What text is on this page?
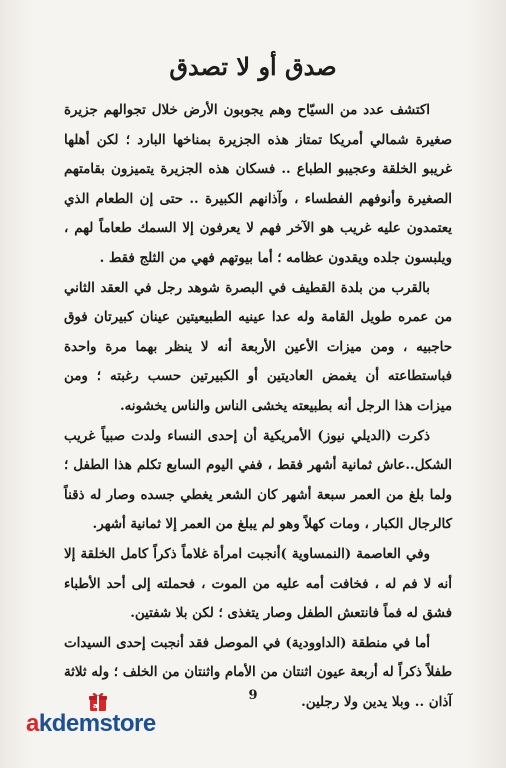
صدق أو لا تصدق

اكتشف عدد من السيّاح وهم يجوبون الأرض خلال تجوالهم جزيرة صغيرة شمالي أمريكا تمتاز هذه الجزيرة بمناخها البارد ؛ لكن أهلها غريبو الخلقة وعجيبو الطباع .. فسكان هذه الجزيرة يتميزون بقامتهم الصغيرة وأنوفهم الفطساء ، وآذانهم الكبيرة .. حتى إن الطعام الذي يعتمدون عليه غريب هو الآخر فهم لا يعرفون إلا السمك طعاماً لهم ، ويلبسون جلده ويقدون عظامه ؛ أما بيوتهم فهي من الثلج فقط .

بالقرب من بلدة القطيف في البصرة شوهد رجل في العقد الثاني من عمره طويل القامة وله عدا عينيه الطبيعيتين عينان كبيرتان فوق حاجبيه ، ومن ميزات الأعين الأربعة أنه لا ينظر بهما مرة واحدة فباستطاعته أن يغمض العاديتين أو الكبيرتين حسب رغبته ؛ ومن ميزات هذا الرجل أنه بطبيعته يخشى الناس والناس يخشونه.

ذكرت (الديلي نيوز) الأمريكية أن إحدى النساء ولدت صبياً غريب الشكل..عاش ثمانية أشهر فقط ، ففي اليوم السابع تكلم هذا الطفل ؛ ولما بلغ من العمر سبعة أشهر كان الشعر يغطي جسده وصار له ذقناً كالرجال الكبار ، ومات كهلاً وهو لم يبلغ من العمر إلا ثمانية أشهر.

وفي العاصمة (النمساوية )أنجبت امرأة غلاماً ذكراً كامل الخلقة إلا أنه لا فم له ، فخافت أمه عليه من الموت ، فحملته إلى أحد الأطباء فشق له فماً فانتعش الطفل وصار يتغذى ؛ لكن بلا شفتين.

أما في منطقة (الداوودية) في الموصل فقد أنجبت إحدى السيدات طفلاً ذكراً له أربعة عيون اثنتان من الأمام واثنتان من الخلف ؛ وله ثلاثة آذان .. وبلا يدين ولا رجلين.

9
a
akdemstore
